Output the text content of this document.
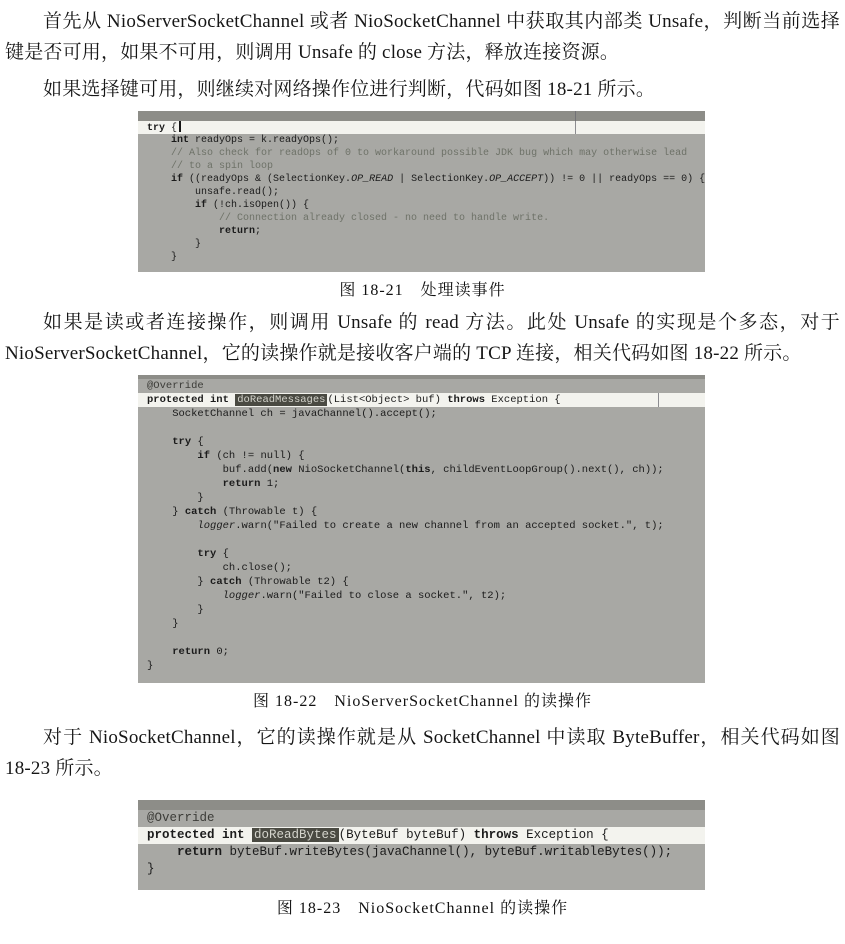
首先从 NioServerSocketChannel 或者 NioSocketChannel 中获取其内部类 Unsafe，判断当前选择键是否可用，如果不可用，则调用 Unsafe 的 close 方法，释放连接资源。

如果选择键可用，则继续对网络操作位进行判断，代码如图 18-21 所示。

try {
int readyOps = k.readyOps();
// Also check for readOps of 0 to workaround possible JDK bug which may otherwise lead
// to a spin loop
if ((readyOps & (SelectionKey.OP_READ | SelectionKey.OP_ACCEPT)) != 0 || readyOps == 0) {
unsafe.read();
if (!ch.isOpen()) {
// Connection already closed - no need to handle write.
return;
}
}
图 18-21　处理读事件

如果是读或者连接操作，则调用 Unsafe 的 read 方法。此处 Unsafe 的实现是个多态，对于 NioServerSocketChannel，它的读操作就是接收客户端的 TCP 连接，相关代码如图 18-22 所示。

@Override
protected int doReadMessages (List<Object> buf) throws Exception {
SocketChannel ch = javaChannel().accept();
try {
if (ch != null) {
buf.add(new NioSocketChannel(this, childEventLoopGroup().next(), ch));
return 1;
}
} catch (Throwable t) {
logger.warn("Failed to create a new channel from an accepted socket.", t);
try {
ch.close();
} catch (Throwable t2) {
logger.warn("Failed to close a socket.", t2);
}
}
return 0;
}
图 18-22　NioServerSocketChannel 的读操作

对于 NioSocketChannel，它的读操作就是从 SocketChannel 中读取 ByteBuffer，相关代码如图 18-23 所示。

@Override
protected int doReadBytes (ByteBuf byteBuf) throws Exception {
return byteBuf.writeBytes(javaChannel(), byteBuf.writableBytes());
}
图 18-23　NioSocketChannel 的读操作
